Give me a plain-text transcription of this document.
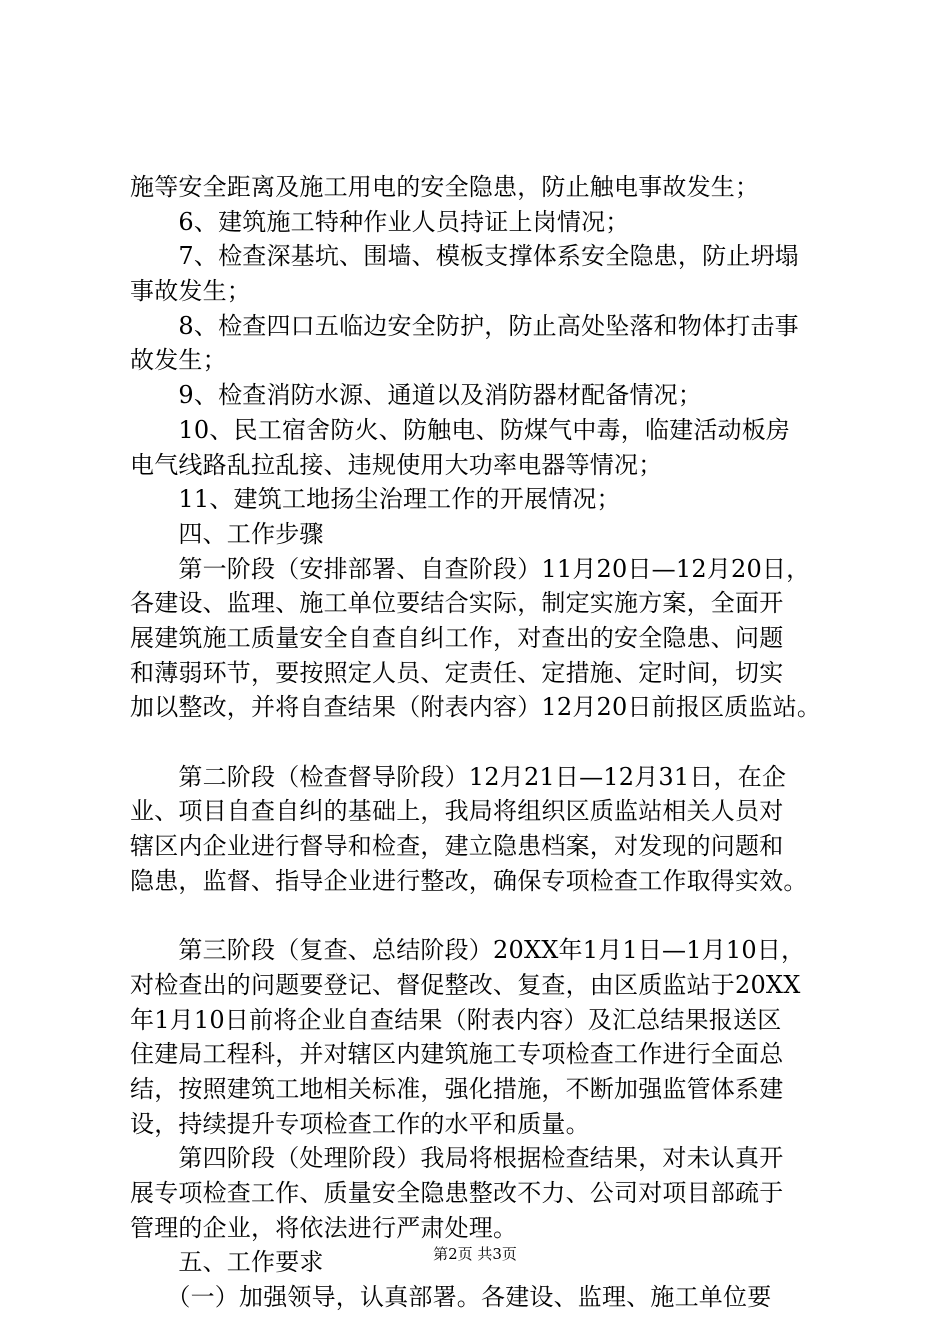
施等安全距离及施工用电的安全隐患，防止触电事故发生；
　　6、建筑施工特种作业人员持证上岗情况；
　　7、检查深基坑、围墙、模板支撑体系安全隐患，防止坍塌
事故发生；
　　8、检查四口五临边安全防护，防止高处坠落和物体打击事
故发生；
　　9、检查消防水源、通道以及消防器材配备情况；
　　10、民工宿舍防火、防触电、防煤气中毒，临建活动板房
电气线路乱拉乱接、违规使用大功率电器等情况；
　　11、建筑工地扬尘治理工作的开展情况；
　　四、工作步骤
　　第一阶段（安排部署、自查阶段）11月20日—12月20日，
各建设、监理、施工单位要结合实际，制定实施方案，全面开
展建筑施工质量安全自查自纠工作，对查出的安全隐患、问题
和薄弱环节，要按照定人员、定责任、定措施、定时间，切实
加以整改，并将自查结果（附表内容）12月20日前报区质监站。
　　第二阶段（检查督导阶段）12月21日—12月31日，在企
业、项目自查自纠的基础上，我局将组织区质监站相关人员对
辖区内企业进行督导和检查，建立隐患档案，对发现的问题和
隐患，监督、指导企业进行整改，确保专项检查工作取得实效。
　　第三阶段（复查、总结阶段）20XX年1月1日—1月10日，
对检查出的问题要登记、督促整改、复查，由区质监站于20XX
年1月10日前将企业自查结果（附表内容）及汇总结果报送区
住建局工程科，并对辖区内建筑施工专项检查工作进行全面总
结，按照建筑工地相关标准，强化措施，不断加强监管体系建
设，持续提升专项检查工作的水平和质量。
　　第四阶段（处理阶段）我局将根据检查结果，对未认真开
展专项检查工作、质量安全隐患整改不力、公司对项目部疏于
管理的企业，将依法进行严肃处理。
　　五、工作要求
　　（一）加强领导，认真部署。各建设、监理、施工单位要
第2页 共3页
